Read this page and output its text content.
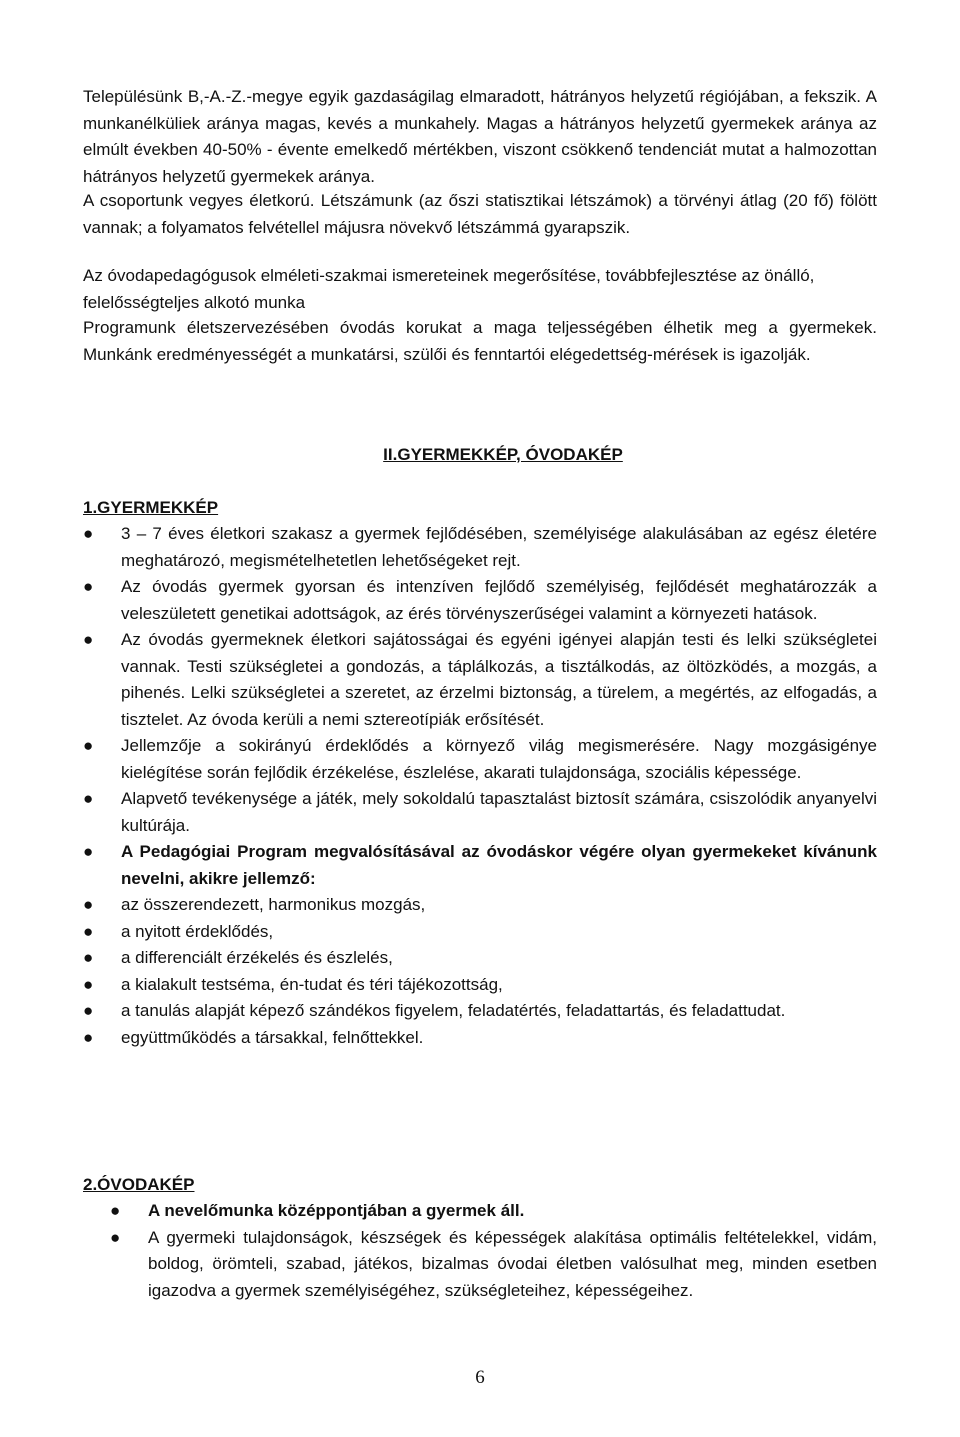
Településünk B,-A.-Z.-megye egyik gazdaságilag elmaradott, hátrányos helyzetű régiójában, a fekszik. A munkanélküliek aránya magas, kevés a munkahely. Magas a hátrányos helyzetű gyermekek aránya az elmúlt években 40-50% - évente emelkedő mértékben, viszont csökkenő tendenciát mutat a halmozottan hátrányos helyzetű gyermekek aránya.

A csoportunk vegyes életkorú. Létszámunk (az őszi statisztikai létszámok) a törvényi átlag (20 fő) fölött vannak; a folyamatos felvétellel májusra növekvő létszámmá gyarapszik.

Az óvodapedagógusok elméleti-szakmai ismereteinek megerősítése, továbbfejlesztése az önálló, felelősségteljes alkotó munka

Programunk életszervezésében óvodás korukat a maga teljességében élhetik meg a gyermekek. Munkánk eredményességét a munkatársi, szülői és fenntartói elégedettség-mérések is igazolják.

II.GYERMEKKÉP, ÓVODAKÉP
1.GYERMEKKÉP
●	3 – 7 éves életkori szakasz a gyermek fejlődésében, személyisége alakulásában az egész életére meghatározó, megismételhetetlen lehetőségeket rejt.
●	Az óvodás gyermek gyorsan és intenzíven fejlődő személyiség, fejlődését meghatározzák a veleszületett genetikai adottságok, az érés törvényszerűségei valamint a környezeti hatások.
●	Az óvodás gyermeknek életkori sajátosságai és egyéni igényei alapján testi és lelki szükségletei vannak. Testi szükségletei a gondozás, a táplálkozás, a tisztálkodás, az öltözködés, a mozgás, a pihenés. Lelki szükségletei a szeretet, az érzelmi biztonság, a türelem, a megértés, az elfogadás, a tisztelet. Az óvoda kerüli a nemi sztereotípiák erősítését.
●	Jellemzője a sokirányú érdeklődés a környező világ megismerésére. Nagy mozgásigénye kielégítése során fejlődik érzékelése, észlelése, akarati tulajdonsága, szociális képessége.
●	Alapvető tevékenysége a játék, mely sokoldalú tapasztalást biztosít számára, csiszolódik anyanyelvi kultúrája.
●	A Pedagógiai Program megvalósításával az óvodáskor végére olyan gyermekeket kívánunk nevelni, akikre jellemző:
●	az összerendezett, harmonikus mozgás,
●	a nyitott érdeklődés,
●	a differenciált érzékelés és észlelés,
●	a kialakult testséma, én-tudat és téri tájékozottság,
●	a tanulás alapját képező szándékos figyelem, feladatértés, feladattartás, és feladattudat.
●	együttműködés a társakkal, felnőttekkel.
2.ÓVODAKÉP
●	A nevelőmunka középpontjában a gyermek áll.
●	A gyermeki tulajdonságok, készségek és képességek alakítása optimális feltételekkel, vidám, boldog, örömteli, szabad, játékos, bizalmas óvodai életben valósulhat meg, minden esetben igazodva a gyermek személyiségéhez, szükségleteihez, képességeihez.
6
